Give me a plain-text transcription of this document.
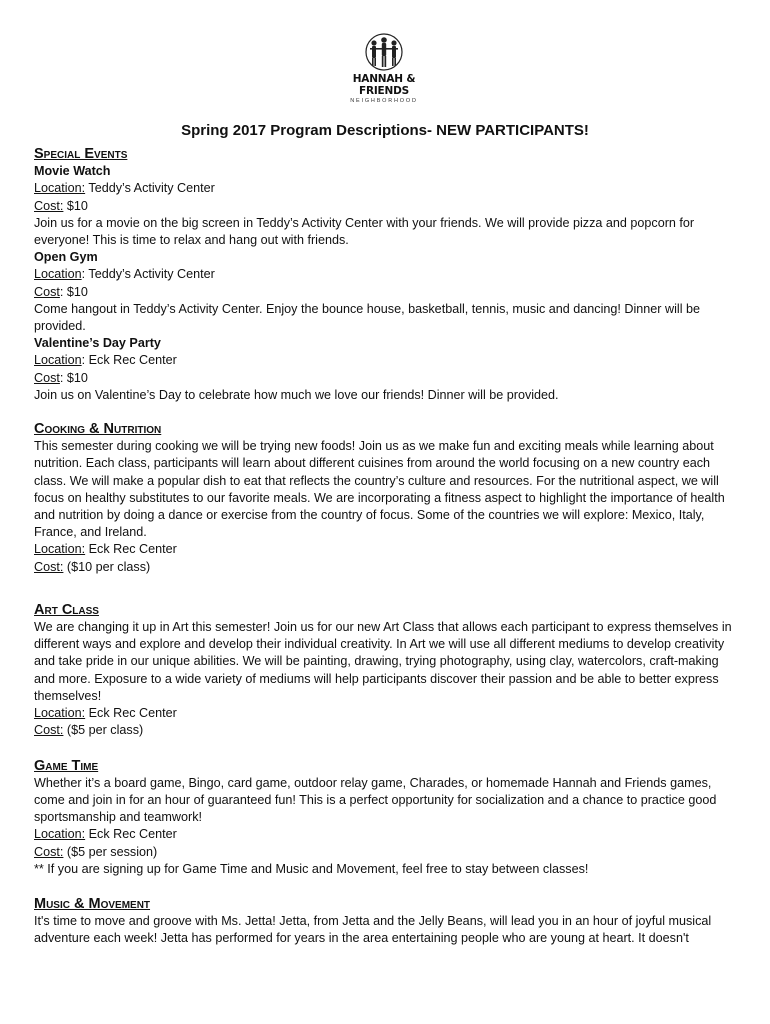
HANNAH & FRIENDS
NEIGHBORHOOD
Spring 2017 Program Descriptions- NEW PARTICIPANTS!

Special Events

Movie Watch

Location: Teddy’s Activity Center

Cost: $10

Join us for a movie on the big screen in Teddy’s Activity Center with your friends. We will provide pizza and popcorn for everyone! This is time to relax and hang out with friends.

Open Gym

Location: Teddy’s Activity Center

Cost: $10

Come hangout in Teddy’s Activity Center. Enjoy the bounce house, basketball, tennis, music and dancing! Dinner will be provided.

Valentine’s Day Party

Location: Eck Rec Center

Cost: $10

Join us on Valentine’s Day to celebrate how much we love our friends! Dinner will be provided.

Cooking & Nutrition

This semester during cooking we will be trying new foods! Join us as we make fun and exciting meals while learning about nutrition. Each class, participants will learn about different cuisines from around the world focusing on a new country each class. We will make a popular dish to eat that reflects the country’s culture and resources. For the nutritional aspect, we will focus on healthy substitutes to our favorite meals. We are incorporating a fitness aspect to highlight the importance of health and nutrition by doing a dance or exercise from the country of focus. Some of the countries we will explore: Mexico, Italy, France, and Ireland.

Location: Eck Rec Center

Cost: ($10 per class)

Art Class

We are changing it up in Art this semester! Join us for our new Art Class that allows each participant to express themselves in different ways and explore and develop their individual creativity. In Art we will use all different mediums to develop creativity and take pride in our unique abilities. We will be painting, drawing, trying photography, using clay, watercolors, craft-making and more. Exposure to a wide variety of mediums will help participants discover their passion and be able to better express themselves!

Location: Eck Rec Center

Cost: ($5 per class)

Game Time

Whether it’s a board game, Bingo, card game, outdoor relay game, Charades, or homemade Hannah and Friends games, come and join in for an hour of guaranteed fun! This is a perfect opportunity for socialization and a chance to practice good sportsmanship and teamwork!

Location: Eck Rec Center

Cost: ($5 per session)

** If you are signing up for Game Time and Music and Movement, feel free to stay between classes!

Music & Movement

It's time to move and groove with Ms. Jetta! Jetta, from Jetta and the Jelly Beans, will lead you in an hour of joyful musical adventure each week! Jetta has performed for years in the area entertaining people who are young at heart. It doesn't
